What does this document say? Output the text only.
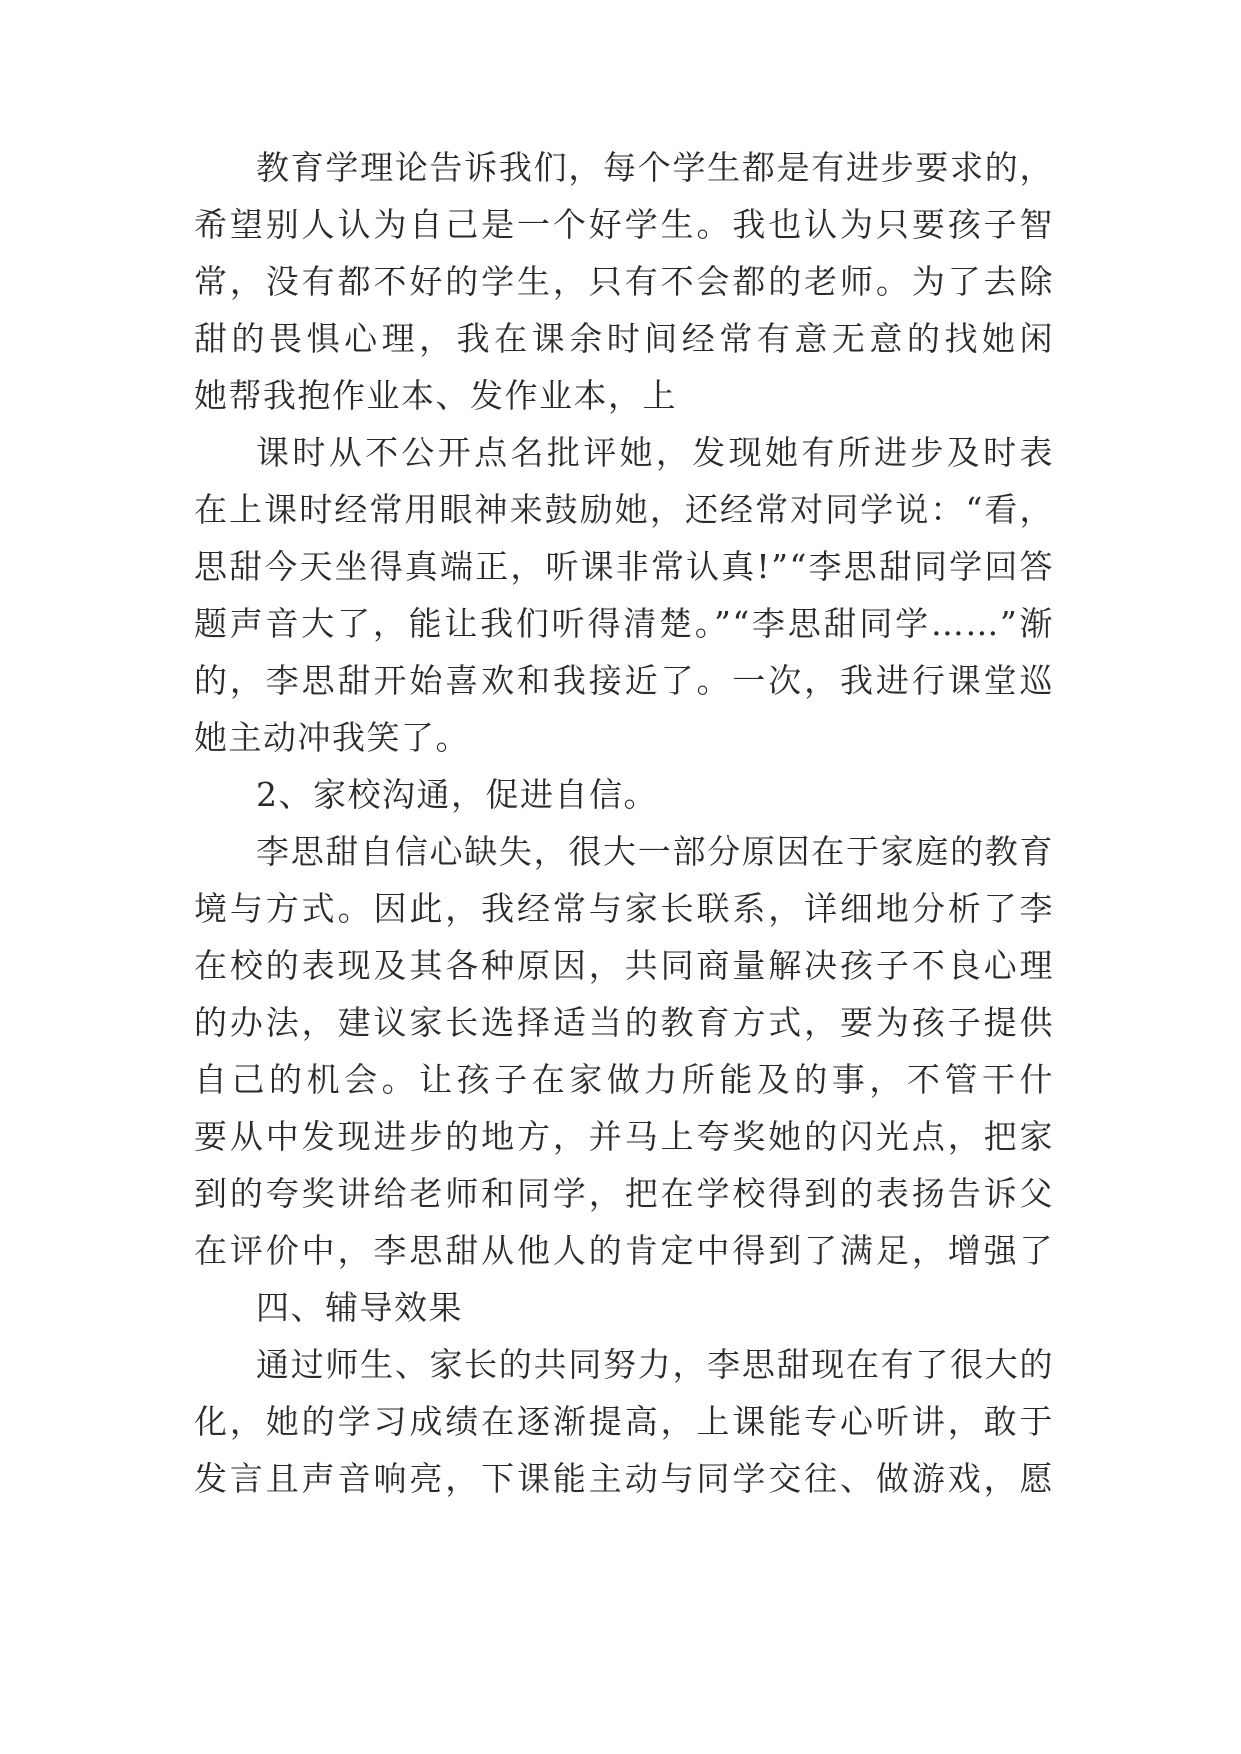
教育学理论告诉我们，每个学生都是有进步要求的，
希望别人认为自己是一个好学生。我也认为只要孩子智
常，没有都不好的学生，只有不会都的老师。为了去除
甜的畏惧心理，我在课余时间经常有意无意的找她闲
她帮我抱作业本、发作业本，上
课时从不公开点名批评她，发现她有所进步及时表
在上课时经常用眼神来鼓励她，还经常对同学说：“看，
思甜今天坐得真端正，听课非常认真!”“李思甜同学回答
题声音大了，能让我们听得清楚。”“李思甜同学……”渐
的，李思甜开始喜欢和我接近了。一次，我进行课堂巡
她主动冲我笑了。
2、家校沟通，促进自信。
李思甜自信心缺失，很大一部分原因在于家庭的教育
境与方式。因此，我经常与家长联系，详细地分析了李
在校的表现及其各种原因，共同商量解决孩子不良心理
的办法，建议家长选择适当的教育方式，要为孩子提供
自己的机会。让孩子在家做力所能及的事，不管干什
要从中发现进步的地方，并马上夸奖她的闪光点，把家
到的夸奖讲给老师和同学，把在学校得到的表扬告诉父
在评价中，李思甜从他人的肯定中得到了满足，增强了
四、辅导效果
通过师生、家长的共同努力，李思甜现在有了很大的
化，她的学习成绩在逐渐提高，上课能专心听讲，敢于
发言且声音响亮，下课能主动与同学交往、做游戏，愿
